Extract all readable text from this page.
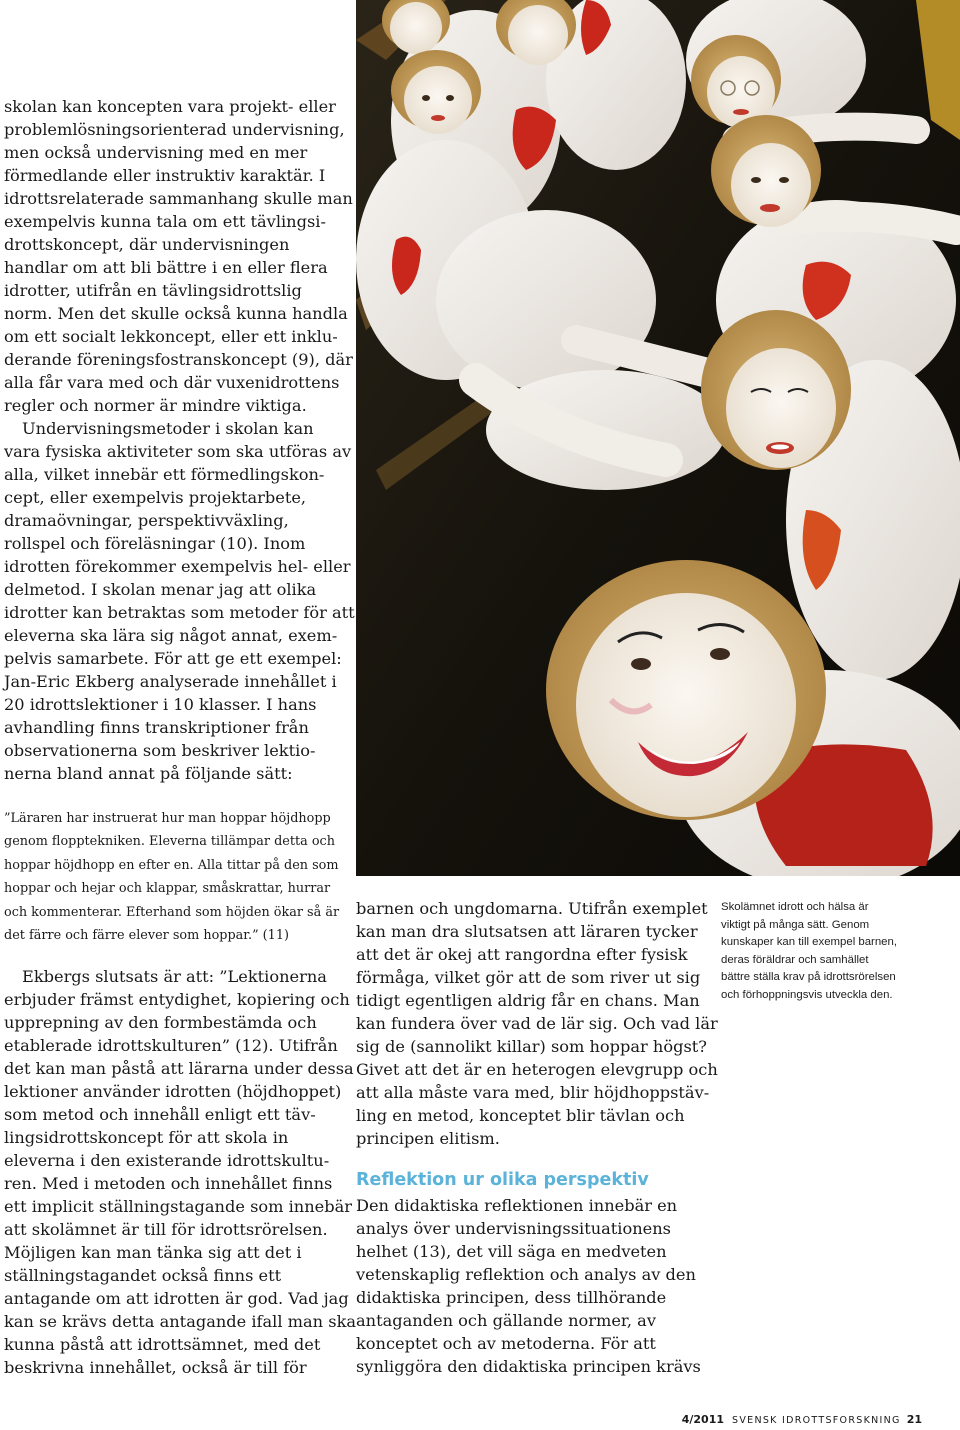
skolan kan koncepten vara projekt- eller
problemlösningsorienterad undervisning,
men också undervisning med en mer
förmedlande eller instruktiv karaktär. I
idrottsrelaterade sammanhang skulle man
exempelvis kunna tala om ett tävlingsi-
drottskoncept, där undervisningen
handlar om att bli bättre i en eller flera
idrotter, utifrån en tävlingsidrottslig
norm. Men det skulle också kunna handla
om ett socialt lekkoncept, eller ett inklu-
derande föreningsfostranskoncept (9), där
alla får vara med och där vuxenidrottens
regler och normer är mindre viktiga.
Undervisningsmetoder i skolan kan
vara fysiska aktiviteter som ska utföras av
alla, vilket innebär ett förmedlingskon-
cept, eller exempelvis projektarbete,
dramaövningar, perspektivväxling,
rollspel och föreläsningar (10). Inom
idrotten förekommer exempelvis hel- eller
delmetod. I skolan menar jag att olika
idrotter kan betraktas som metoder för att
eleverna ska lära sig något annat, exem-
pelvis samarbete. För att ge ett exempel:
Jan-Eric Ekberg analyserade innehållet i
20 idrottslektioner i 10 klasser. I hans
avhandling finns transkriptioner från
observationerna som beskriver lektio-
nerna bland annat på följande sätt:
”Läraren har instruerat hur man hoppar höjdhopp
genom flopptekniken. Eleverna tillämpar detta och
hoppar höjdhopp en efter en. Alla tittar på den som
hoppar och hejar och klappar, småskrattar, hurrar
och kommenterar. Efterhand som höjden ökar så är
det färre och färre elever som hoppar.” (11)
Ekbergs slutsats är att: ”Lektionerna
erbjuder främst entydighet, kopiering och
upprepning av den formbestämda och
etablerade idrottskulturen” (12). Utifrån
det kan man påstå att lärarna under dessa
lektioner använder idrotten (höjdhoppet)
som metod och innehåll enligt ett täv-
lingsidrottskoncept för att skola in
eleverna i den existerande idrottskultu-
ren. Med i metoden och innehållet finns
ett implicit ställningstagande som innebär
att skolämnet är till för idrottsrörelsen.
Möjligen kan man tänka sig att det i
ställningstagandet också finns ett
antagande om att idrotten är god. Vad jag
kan se krävs detta antagande ifall man ska
kunna påstå att idrottsämnet, med det
beskrivna innehållet, också är till för
barnen och ungdomarna. Utifrån exemplet
kan man dra slutsatsen att läraren tycker
att det är okej att rangordna efter fysisk
förmåga, vilket gör att de som river ut sig
tidigt egentligen aldrig får en chans. Man
kan fundera över vad de lär sig. Och vad lär
sig de (sannolikt killar) som hoppar högst?
Givet att det är en heterogen elevgrupp och
att alla måste vara med, blir höjdhoppstäv-
ling en metod, konceptet blir tävlan och
principen elitism.
Reflektion ur olika perspektiv
Den didaktiska reflektionen innebär en
analys över undervisningssituationens
helhet (13), det vill säga en medveten
vetenskaplig reflektion och analys av den
didaktiska principen, dess tillhörande
antaganden och gällande normer, av
konceptet och av metoderna. För att
synliggöra den didaktiska principen krävs
Skolämnet idrott och hälsa är
viktigt på många sätt. Genom
kunskaper kan till exempel barnen,
deras föräldrar och samhället
bättre ställa krav på idrottsrörelsen
och förhoppningsvis utveckla den.
4/2011 SVENSK IDROTTSFORSKNING 21
